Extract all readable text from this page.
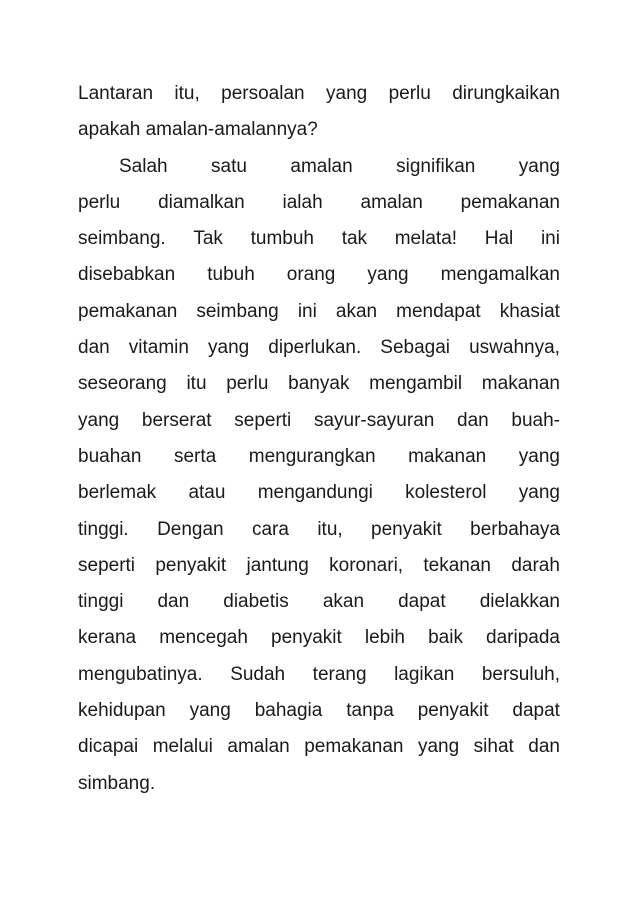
Lantaran itu, persoalan yang perlu dirungkaikan
apakah amalan-amalannya?
Salah satu amalan signifikan yang
perlu diamalkan ialah amalan pemakanan
seimbang. Tak tumbuh tak melata! Hal ini
disebabkan tubuh orang yang mengamalkan
pemakanan seimbang ini akan mendapat khasiat
dan vitamin yang diperlukan. Sebagai uswahnya,
seseorang itu perlu banyak mengambil makanan
yang berserat seperti sayur-sayuran dan buah-
buahan serta mengurangkan makanan yang
berlemak atau mengandungi kolesterol yang
tinggi. Dengan cara itu, penyakit berbahaya
seperti penyakit jantung koronari, tekanan darah
tinggi dan diabetis akan dapat dielakkan
kerana mencegah penyakit lebih baik daripada
mengubatinya. Sudah terang lagikan bersuluh,
kehidupan yang bahagia tanpa penyakit dapat
dicapai melalui amalan pemakanan yang sihat dan
simbang.
